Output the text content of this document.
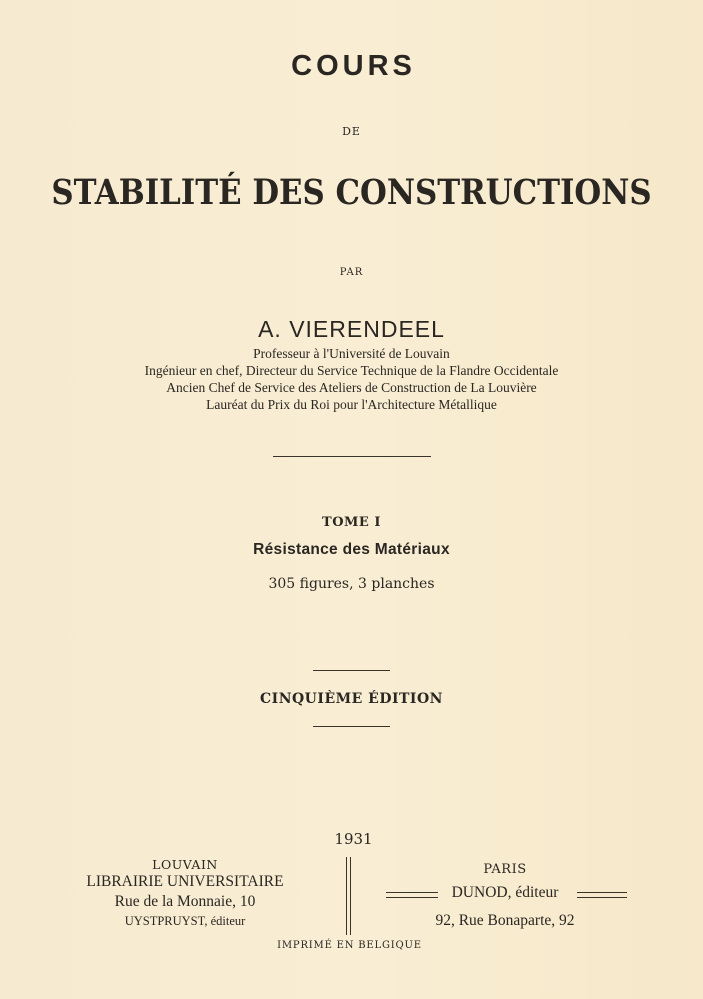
COURS
DE
STABILITÉ DES CONSTRUCTIONS
PAR
A. VIERENDEEL
Professeur à l'Université de Louvain
Ingénieur en chef, Directeur du Service Technique de la Flandre Occidentale
Ancien Chef de Service des Ateliers de Construction de La Louvière
Lauréat du Prix du Roi pour l'Architecture Métallique
TOME I
Résistance des Matériaux
305 figures, 3 planches
CINQUIÈME ÉDITION
1931
LOUVAIN
LIBRAIRIE UNIVERSITAIRE
Rue de la Monnaie, 10
UYSTPRUYST, éditeur
PARIS
DUNOD, éditeur
92, Rue Bonaparte, 92
IMPRIMÉ EN BELGIQUE
